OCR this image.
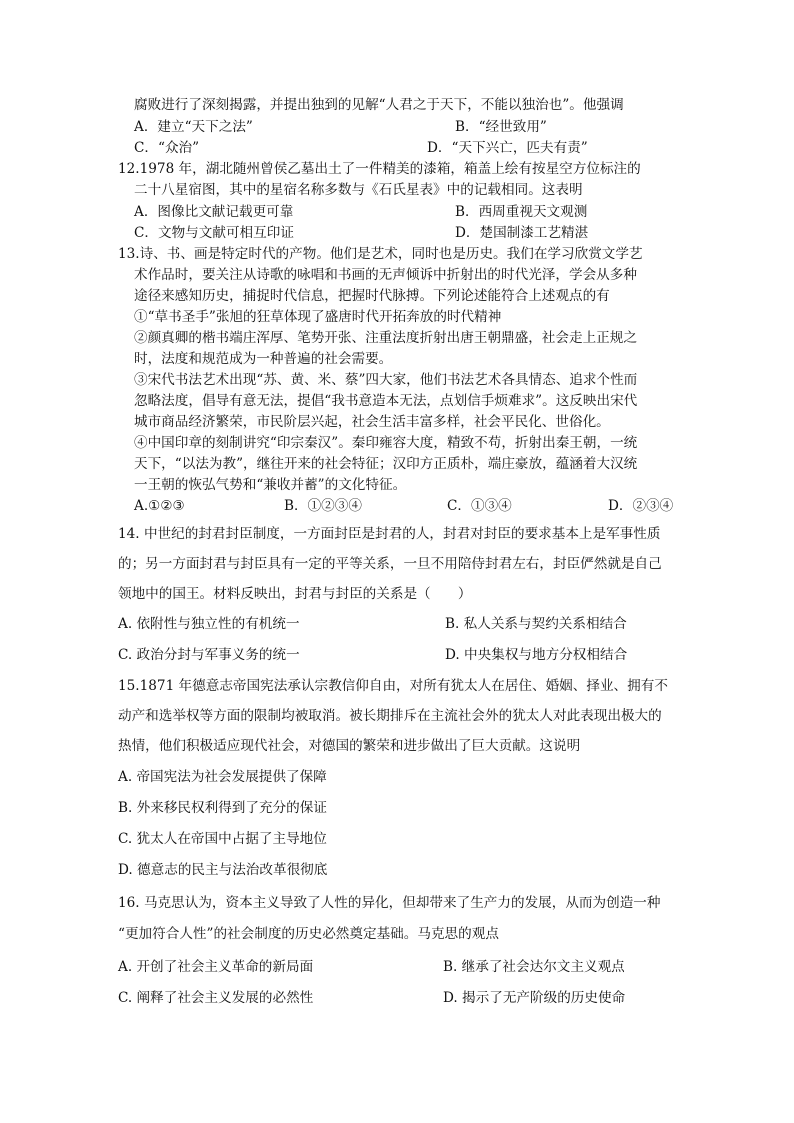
腐败进行了深刻揭露，并提出独到的见解“人君之于天下，不能以独治也”。他强调
A．建立“天下之法”	B．“经世致用”
C．“众治”	D．“天下兴亡，匹夫有责”
12.1978 年，湖北随州曾侯乙墓出土了一件精美的漆箱，箱盖上绘有按星空方位标注的
二十八星宿图，其中的星宿名称多数与《石氏星表》中的记载相同。这表明
A．图像比文献记载更可靠	B．西周重视天文观测
C．文物与文献可相互印证	D．楚国制漆工艺精湛
13.诗、书、画是特定时代的产物。他们是艺术，同时也是历史。我们在学习欣赏文学艺
术作品时，要关注从诗歌的咏唱和书画的无声倾诉中折射出的时代光泽，学会从多种
途径来感知历史，捕捉时代信息，把握时代脉搏。下列论述能符合上述观点的有
①“草书圣手”张旭的狂草体现了盛唐时代开拓奔放的时代精神
②颜真卿的楷书端庄浑厚、笔势开张、注重法度折射出唐王朝鼎盛，社会走上正规之
时，法度和规范成为一种普遍的社会需要。
③宋代书法艺术出现“苏、黄、米、蔡”四大家，他们书法艺术各具情态、追求个性而
忽略法度，倡导有意无法，提倡“我书意造本无法，点划信手烦难求”。这反映出宋代
城市商品经济繁荣，市民阶层兴起，社会生活丰富多样，社会平民化、世俗化。
④中国印章的刻制讲究“印宗秦汉”。秦印雍容大度，精致不苟，折射出秦王朝，一统
天下，“以法为教”，继往开来的社会特征；汉印方正质朴，端庄豪放，蕴涵着大汉统
一王朝的恢弘气势和“兼收并蓄”的文化特征。
A.①②③	B．①②③④	C．①③④	D．②③④
14. 中世纪的封君封臣制度，一方面封臣是封君的人，封君对封臣的要求基本上是军事性质
的；另一方面封君与封臣具有一定的平等关系，一旦不用陪侍封君左右，封臣俨然就是自己
领地中的国王。材料反映出，封君与封臣的关系是（　　）
A. 依附性与独立性的有机统一	B. 私人关系与契约关系相结合
C. 政治分封与军事义务的统一	D. 中央集权与地方分权相结合
15.1871 年德意志帝国宪法承认宗教信仰自由，对所有犹太人在居住、婚姻、择业、拥有不
动产和选举权等方面的限制均被取消。被长期排斥在主流社会外的犹太人对此表现出极大的
热情，他们积极适应现代社会，对德国的繁荣和进步做出了巨大贡献。这说明
A. 帝国宪法为社会发展提供了保障
B. 外来移民权利得到了充分的保证
C. 犹太人在帝国中占据了主导地位
D. 德意志的民主与法治改革很彻底
16. 马克思认为，资本主义导致了人性的异化，但却带来了生产力的发展，从而为创造一种
“更加符合人性”的社会制度的历史必然奠定基础。马克思的观点
A. 开创了社会主义革命的新局面	B. 继承了社会达尔文主义观点
C. 阐释了社会主义发展的必然性	D. 揭示了无产阶级的历史使命
